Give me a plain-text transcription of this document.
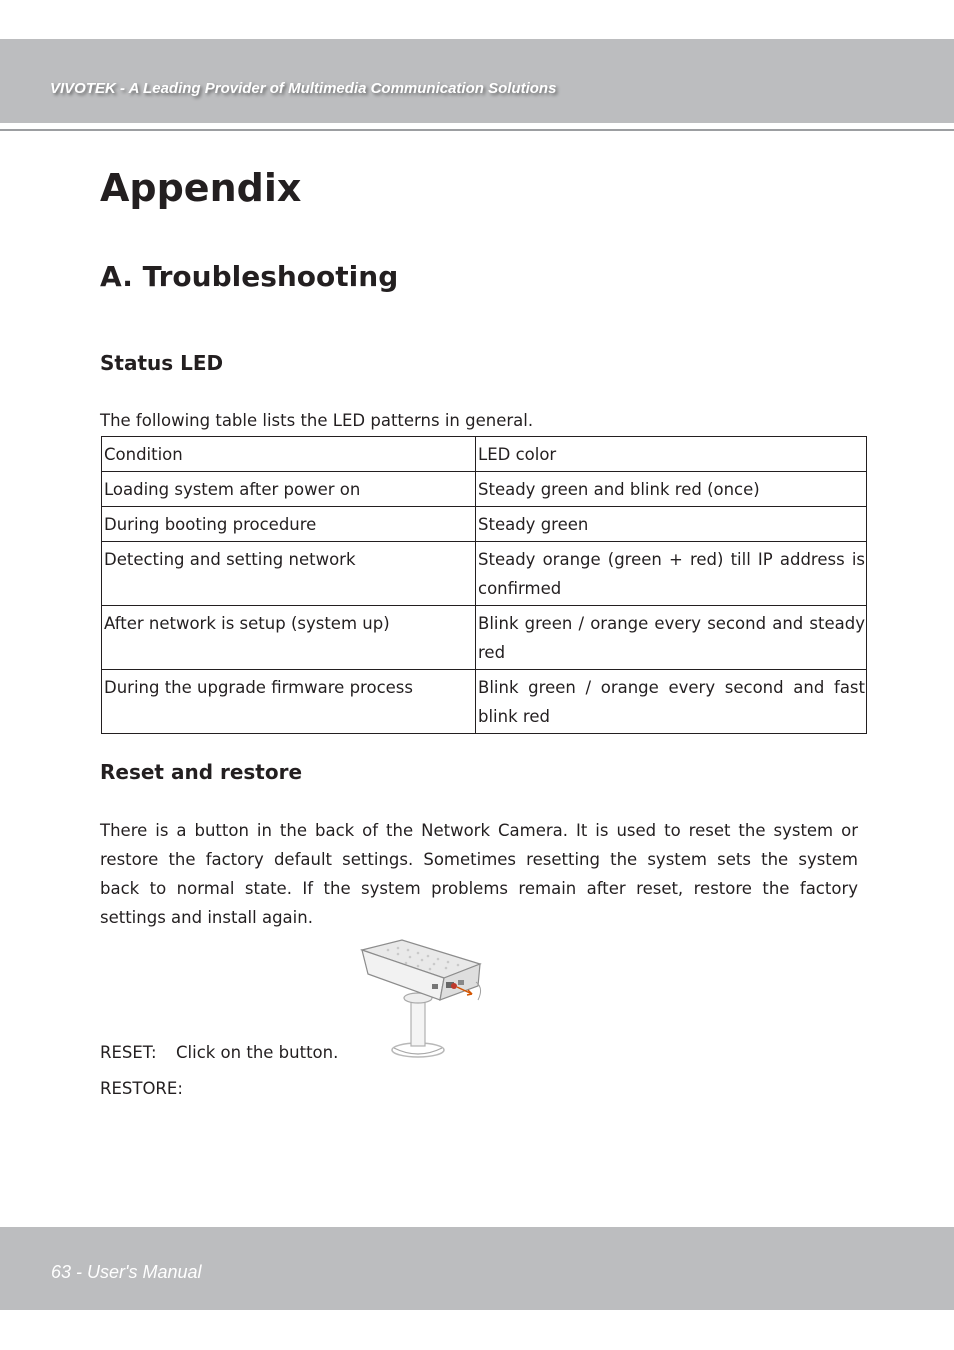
VIVOTEK - A Leading Provider of Multimedia Communication Solutions
Appendix
A. Troubleshooting
Status LED
The following table lists the LED patterns in general.
Condition	LED color
Loading system after power on	Steady green and blink red (once)
During booting procedure	Steady green
Detecting and setting network	Steady orange (green + red) till IP address is confirmed
After network is setup (system up)	Blink green / orange every second and steady red
During the upgrade firmware process	Blink green / orange every second and fast blink red
Reset and restore
There is a button in the back of the Network Camera. It is used to reset the system or
restore the factory default settings. Sometimes resetting the system sets the system
back to normal state. If the system problems remain after reset, restore the factory
settings and install again.
RESET: Click on the button.
RESTORE:
63 - User's Manual
